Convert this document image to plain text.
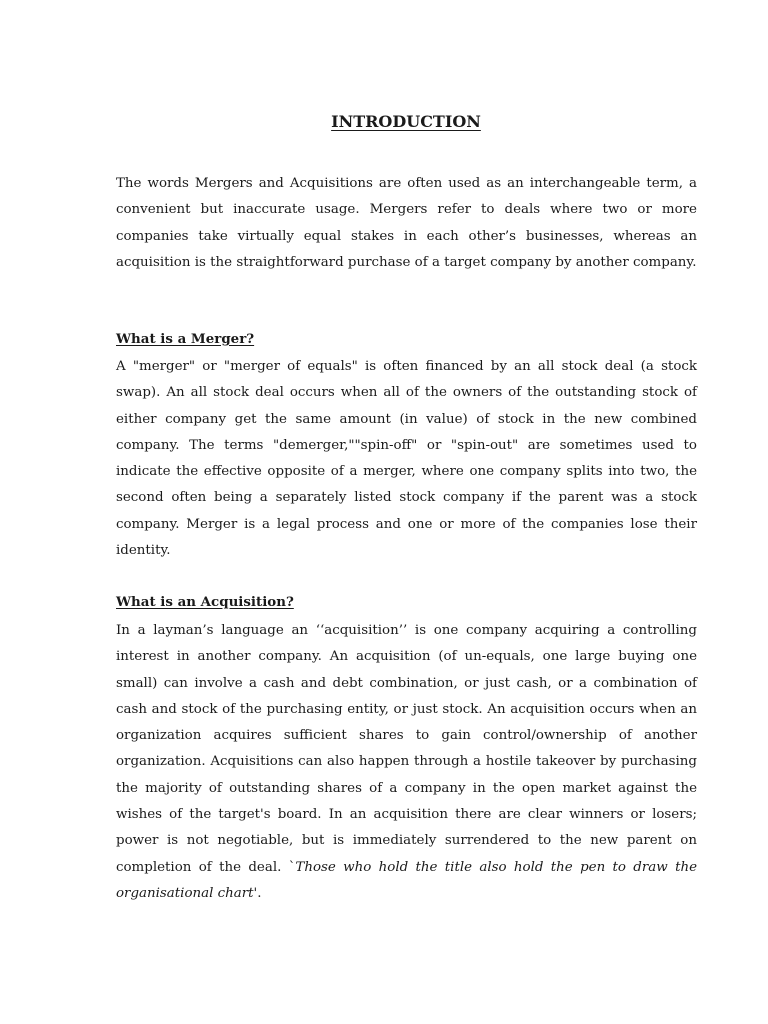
INTRODUCTION
The words Mergers and Acquisitions are often used as an interchangeable term, a convenient but inaccurate usage. Mergers refer to deals where two or more companies take virtually equal stakes in each other’s businesses, whereas an acquisition is the straightforward purchase of a target company by another company.
What is a Merger?
A "merger" or "merger of equals" is often financed by an all stock deal (a stock swap). An all stock deal occurs when all of the owners of the outstanding stock of either company get the same amount (in value) of stock in the new combined company. The terms "demerger,""spin-off" or "spin-out" are sometimes used to indicate the effective opposite of a merger, where one company splits into two, the second often being a separately listed stock company if the parent was a stock company. Merger is a legal process and one or more of the companies lose their identity.
What is an Acquisition?
In a layman’s language an ‘‘acquisition’’ is one company acquiring a controlling interest in another company. An acquisition (of un-equals, one large buying one small) can involve a cash and debt combination, or just cash, or a combination of cash and stock of the purchasing entity, or just stock. An acquisition occurs when an organization acquires sufficient shares to gain control/ownership of another organization. Acquisitions can also happen through a hostile takeover by purchasing the majority of outstanding shares of a company in the open market against the wishes of the target's board. In an acquisition there are clear winners or losers; power is not negotiable, but is immediately surrendered to the new parent on completion of the deal. `Those who hold the title also hold the pen to draw the organisational chart'.
